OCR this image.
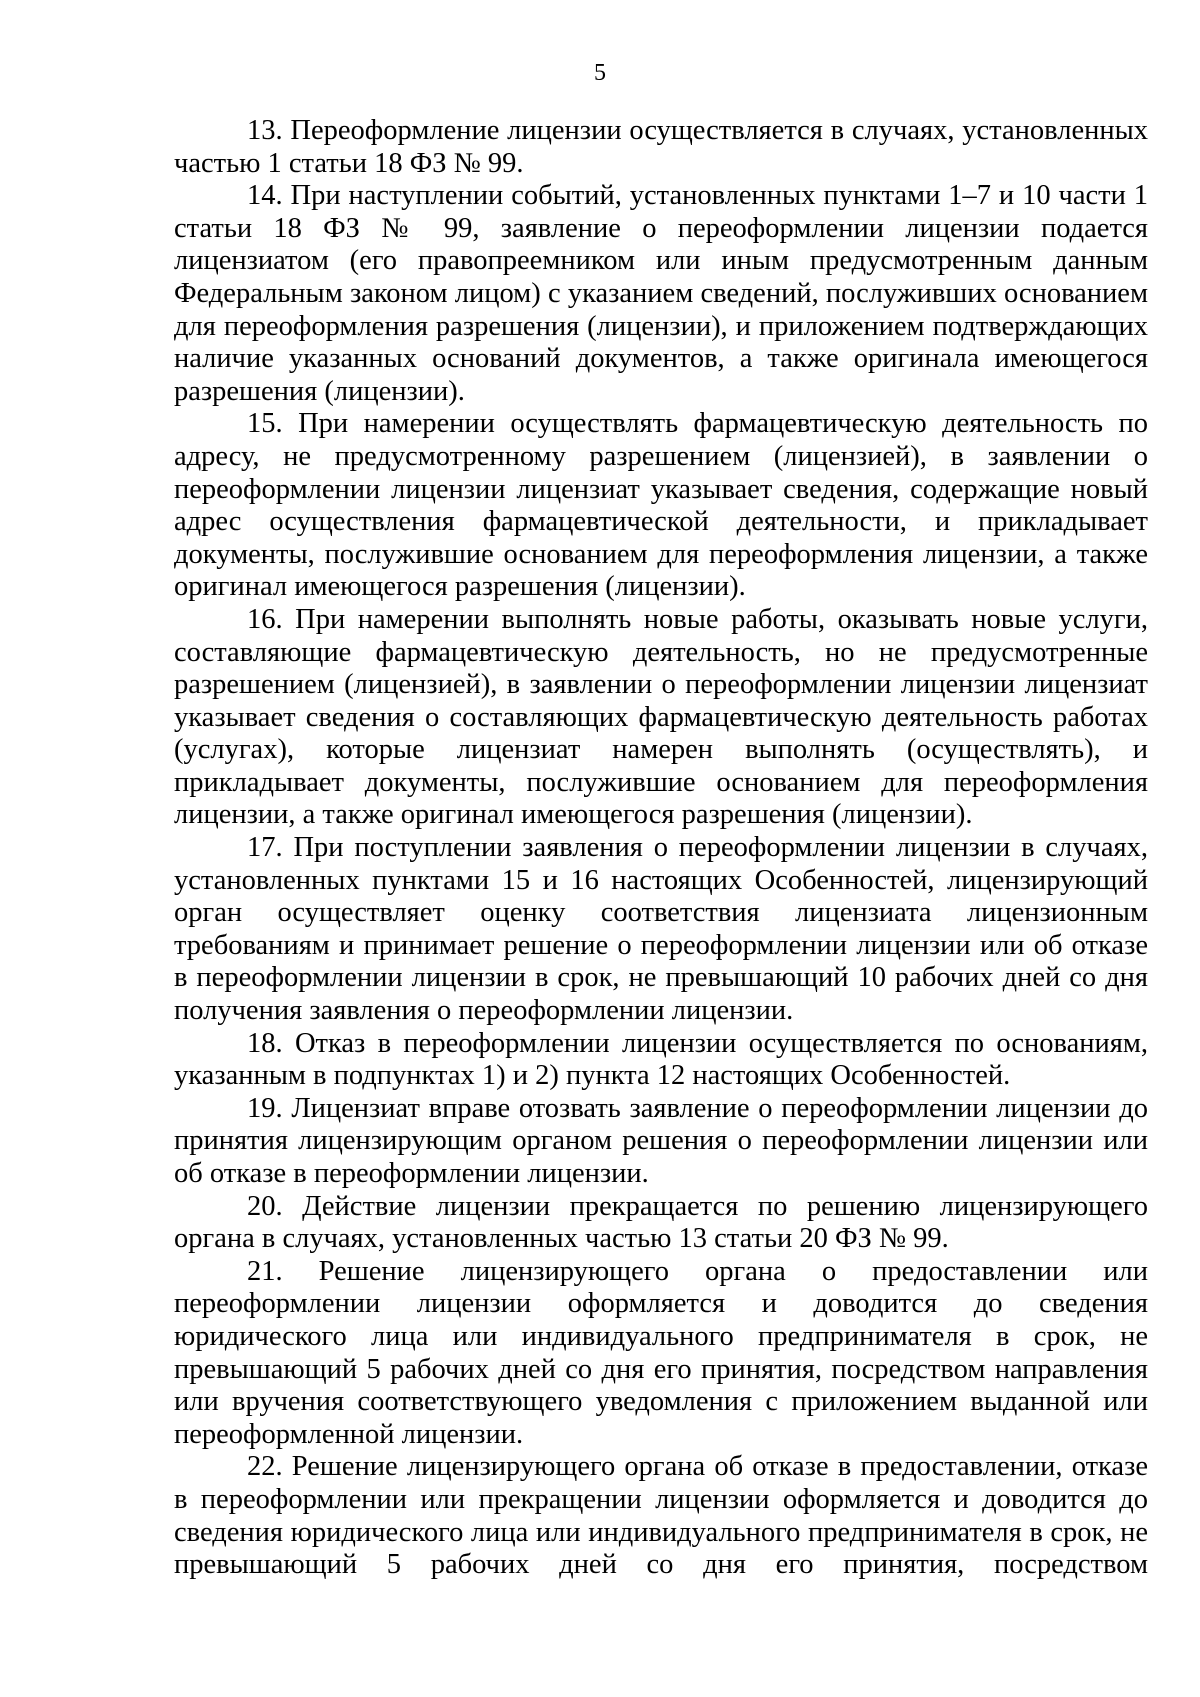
5

13. Переоформление лицензии осуществляется в случаях, установленных частью 1 статьи 18 ФЗ № 99.

14. При наступлении событий, установленных пунктами 1–7 и 10 части 1 статьи 18 ФЗ № 99, заявление о переоформлении лицензии подается лицензиатом (его правопреемником или иным предусмотренным данным Федеральным законом лицом) с указанием сведений, послуживших основанием для переоформления разрешения (лицензии), и приложением подтверждающих наличие указанных оснований документов, а также оригинала имеющегося разрешения (лицензии).

15. При намерении осуществлять фармацевтическую деятельность по адресу, не предусмотренному разрешением (лицензией), в заявлении о переоформлении лицензии лицензиат указывает сведения, содержащие новый адрес осуществления фармацевтической деятельности, и прикладывает документы, послужившие основанием для переоформления лицензии, а также оригинал имеющегося разрешения (лицензии).

16. При намерении выполнять новые работы, оказывать новые услуги, составляющие фармацевтическую деятельность, но не предусмотренные разрешением (лицензией), в заявлении о переоформлении лицензии лицензиат указывает сведения о составляющих фармацевтическую деятельность работах (услугах), которые лицензиат намерен выполнять (осуществлять), и прикладывает документы, послужившие основанием для переоформления лицензии, а также оригинал имеющегося разрешения (лицензии).

17. При поступлении заявления о переоформлении лицензии в случаях, установленных пунктами 15 и 16 настоящих Особенностей, лицензирующий орган осуществляет оценку соответствия лицензиата лицензионным требованиям и принимает решение о переоформлении лицензии или об отказе в переоформлении лицензии в срок, не превышающий 10 рабочих дней со дня получения заявления о переоформлении лицензии.

18. Отказ в переоформлении лицензии осуществляется по основаниям, указанным в подпунктах 1) и 2) пункта 12 настоящих Особенностей.

19. Лицензиат вправе отозвать заявление о переоформлении лицензии до принятия лицензирующим органом решения о переоформлении лицензии или об отказе в переоформлении лицензии.

20. Действие лицензии прекращается по решению лицензирующего органа в случаях, установленных частью 13 статьи 20 ФЗ № 99.

21. Решение лицензирующего органа о предоставлении или переоформлении лицензии оформляется и доводится до сведения юридического лица или индивидуального предпринимателя в срок, не превышающий 5 рабочих дней со дня его принятия, посредством направления или вручения соответствующего уведомления с приложением выданной или переоформленной лицензии.

22. Решение лицензирующего органа об отказе в предоставлении, отказе в переоформлении или прекращении лицензии оформляется и доводится до сведения юридического лица или индивидуального предпринимателя в срок, не превышающий 5 рабочих дней со дня его принятия, посредством
